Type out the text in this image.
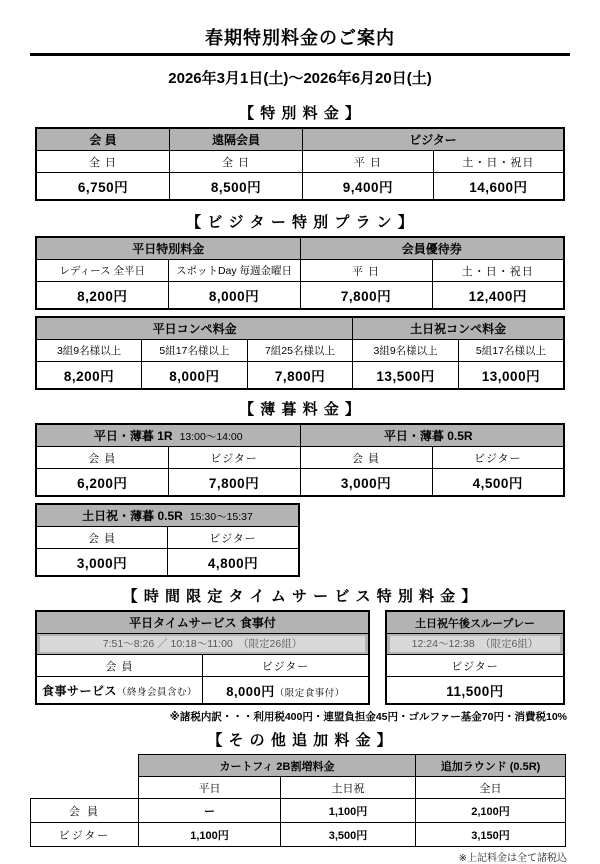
春期特別料金のご案内
2026年3月1日(土)～2026年6月20日(土)
【 特 別 料 金 】
会 員	遠隔会員	ビジター	
全 日	全 日	平 日	土・日・祝日
6,750円	8,500円	9,400円	14,600円
【 ビ ジ タ ー 特 別 プ ラ ン 】
平日特別料金		会員優待券	
レディース 全平日	スポットDay 毎週金曜日	平 日	土・日・祝日
8,200円	8,000円	7,800円	12,400円
平日コンペ料金			土日祝コンペ料金	
3組9名様以上	5組17名様以上	7組25名様以上	3組9名様以上	5組17名様以上
8,200円	8,000円	7,800円	13,500円	13,000円
【 薄 暮 料 金 】
平日・薄暮 1R 13:00～14:00		平日・薄暮 0.5R	
会 員	ビジター	会 員	ビジター
6,200円	7,800円	3,000円	4,500円
土日祝・薄暮 0.5R 15:30～15:37	
会 員	ビジター
3,000円	4,800円
【 時 間 限 定 タ イ ム サ ー ビ ス 特 別 料 金 】
平日タイムサービス 食事付	

7:51～8:26 ／ 10:18～11:00　（限定26組）	

会 員	ビジター
食事サービス（終身会員含む）	8,000円（限定食事付）
土日祝午後スループレー

12:24～12:38　（限定6組）

ビジター
11,500円
※諸税内訳・・・利用税400円・連盟負担金45円・ゴルファー基金70円・消費税10%
【 そ の 他 追 加 料 金 】
	カートフィ 2B割増料金		追加ラウンド (0.5R)
	平日	土日祝	全日
会 員	ー	1,100円	2,100円
ビジター	1,100円	3,500円	3,150円
※上記料金は全て諸税込
